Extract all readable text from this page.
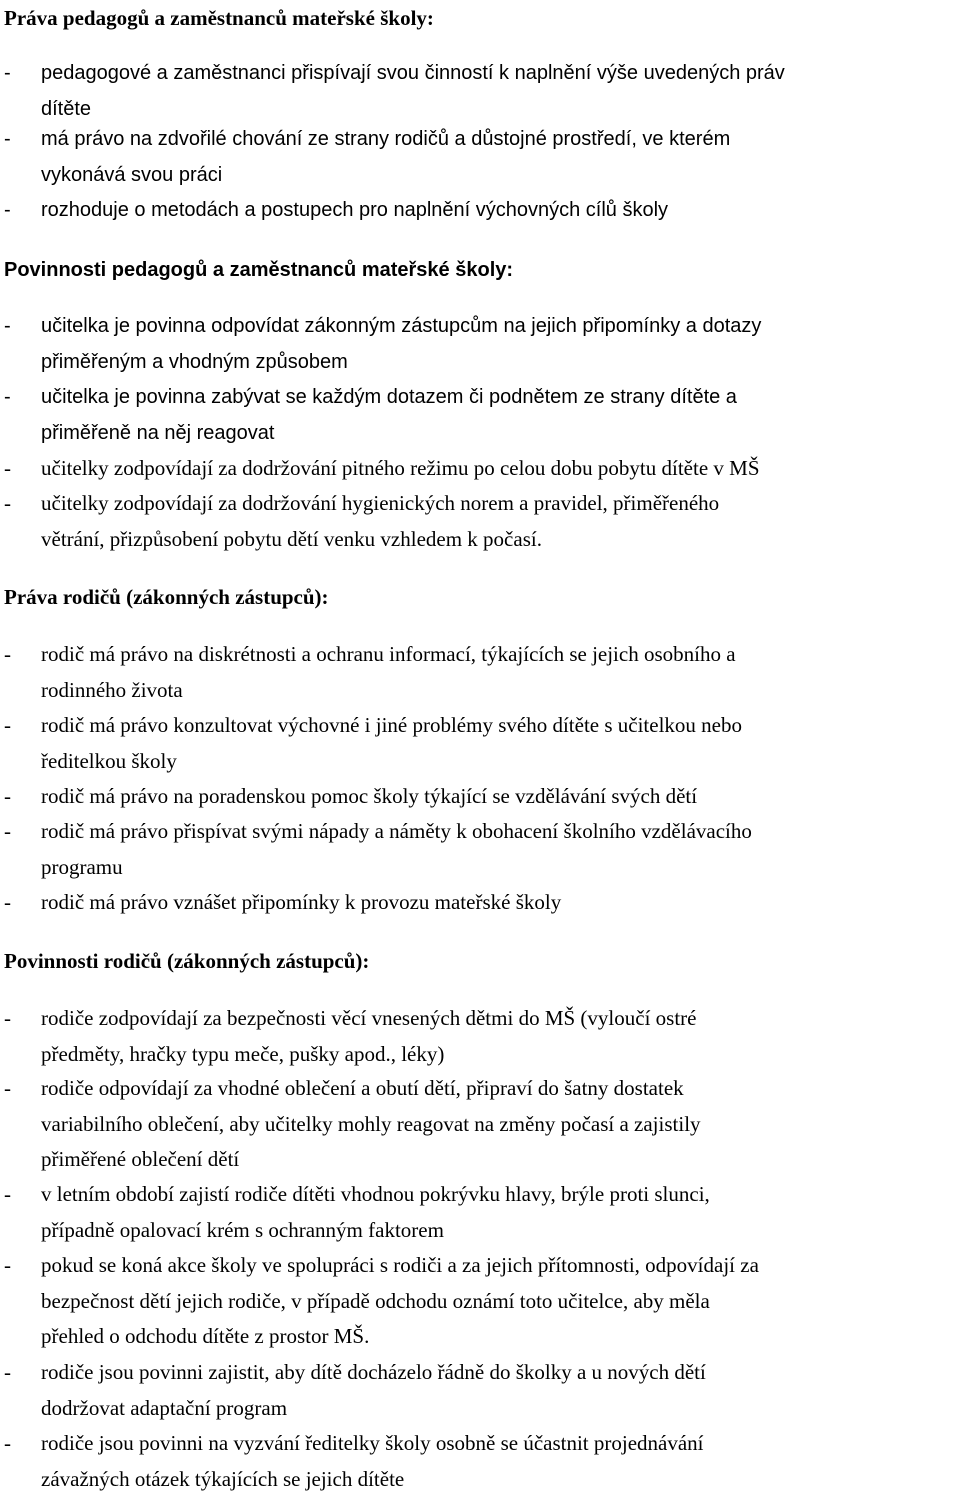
Práva pedagogů a zaměstnanců mateřské školy:
- pedagogové a zaměstnanci přispívají svou činností k naplnění výše uvedených práv
dítěte
- má právo na zdvořilé chování ze strany rodičů a důstojné prostředí, ve kterém
vykonává svou práci
- rozhoduje o metodách a postupech pro naplnění výchovných cílů školy
Povinnosti pedagogů a zaměstnanců mateřské školy:
- učitelka je povinna odpovídat zákonným zástupcům na jejich připomínky a dotazy
přiměřeným a vhodným způsobem
- učitelka je povinna zabývat se každým dotazem či podnětem ze strany dítěte a
přiměřeně na něj reagovat
- učitelky zodpovídají za dodržování pitného režimu po celou dobu pobytu dítěte v MŠ
- učitelky zodpovídají za dodržování hygienických norem a pravidel, přiměřeného
větrání, přizpůsobení pobytu dětí venku vzhledem k počasí.
Práva rodičů (zákonných zástupců):
- rodič má právo na diskrétnosti a ochranu informací, týkajících se jejich osobního a
rodinného života
- rodič má právo konzultovat výchovné i jiné problémy svého dítěte s učitelkou nebo
ředitelkou školy
- rodič má právo na poradenskou pomoc školy týkající se vzdělávání svých dětí
- rodič má právo přispívat svými nápady a náměty k obohacení školního vzdělávacího
programu
- rodič má právo vznášet připomínky k provozu mateřské školy
Povinnosti rodičů (zákonných zástupců):
- rodiče zodpovídají za bezpečnosti věcí vnesených dětmi do MŠ (vyloučí ostré
předměty, hračky typu meče, pušky apod., léky)
- rodiče odpovídají za vhodné oblečení a obutí dětí, připraví do šatny dostatek
variabilního oblečení, aby učitelky mohly reagovat na změny počasí a zajistily
přiměřené oblečení dětí
- v letním období zajistí rodiče dítěti vhodnou pokrývku hlavy, brýle proti slunci,
případně opalovací krém s ochranným faktorem
- pokud se koná akce školy ve spolupráci s rodiči a za jejich přítomnosti, odpovídají za
bezpečnost dětí jejich rodiče, v případě odchodu oznámí toto učitelce, aby měla
přehled o odchodu dítěte z prostor MŠ.
- rodiče jsou povinni zajistit, aby dítě docházelo řádně do školky a u nových dětí
dodržovat adaptační program
- rodiče jsou povinni na vyzvání ředitelky školy osobně se účastnit projednávání
závažných otázek týkajících se jejich dítěte
